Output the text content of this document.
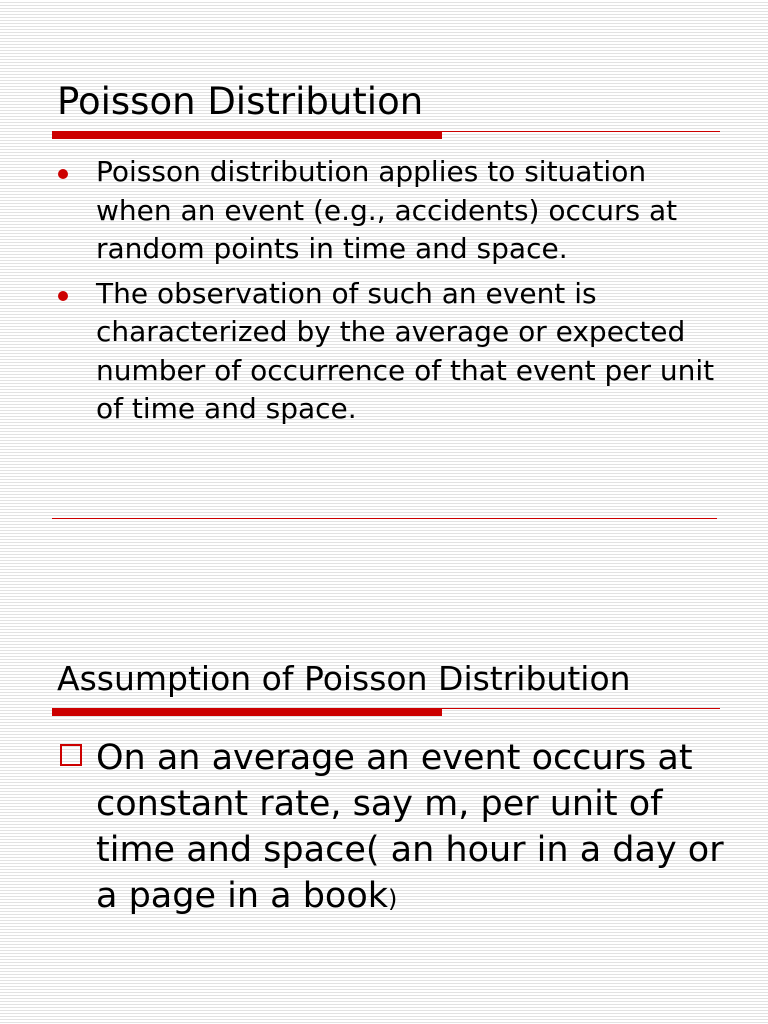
Poisson Distribution
Poisson distribution applies to situation when an event (e.g., accidents) occurs at random points in time and space.
The observation of such an event is characterized by the average or expected number of occurrence of that event per unit of time and space.
Assumption of Poisson Distribution
On an average an event occurs at constant rate, say m, per unit of time and space( an hour in a day or a page in a book)
